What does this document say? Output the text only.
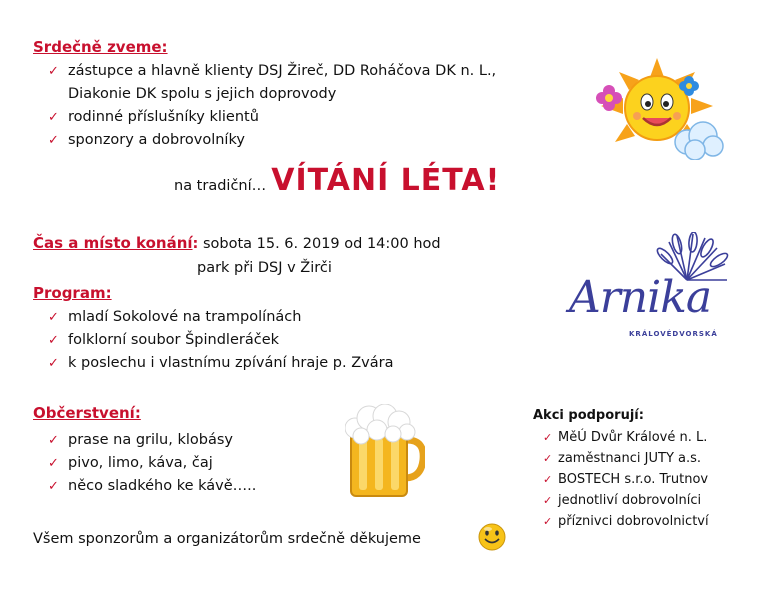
Srdečně zveme:
✓ zástupce a hlavně klienty DSJ Žireč, DD Roháčova DK n. L.,
Diakonie DK spolu s jejich doprovody
✓ rodinné příslušníky klientů
✓ sponzory a dobrovolníky
na tradiční… VÍTÁNÍ LÉTA!
Čas a místo konání: sobota 15. 6. 2019 od 14:00 hod
park při DSJ v Žirči
Program:
✓ mladí Sokolové na trampolínách
✓ folklorní soubor Špindleráček
✓ k poslechu i vlastnímu zpívání hraje p. Zvára
Občerstvení:
✓ prase na grilu, klobásy
✓ pivo, limo, káva, čaj
✓ něco sladkého ke kávě…..
Všem sponzorům a organizátorům srdečně děkujeme
Akci podporují:
✓ MěÚ Dvůr Králové n. L.
✓ zaměstnanci JUTY a.s.
✓ BOSTECH s.r.o. Trutnov
✓ jednotliví dobrovolníci
✓ příznivci dobrovolnictví
Arnika
KRÁLOVÉDVORSKÁ
